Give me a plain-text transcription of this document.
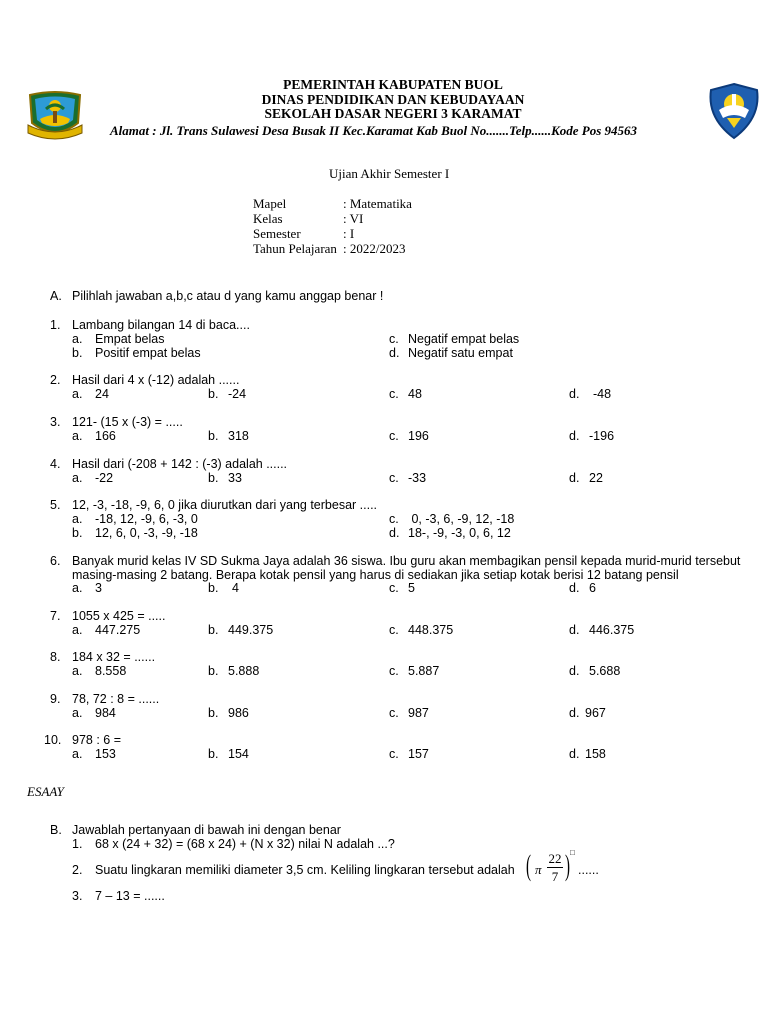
PEMERINTAH KABUPATEN BUOL
DINAS PENDIDIKAN DAN KEBUDAYAAN
SEKOLAH DASAR NEGERI 3 KARAMAT
Alamat : Jl. Trans Sulawesi Desa Busak II Kec.Karamat Kab Buol No.......Telp......Kode Pos 94563
Ujian Akhir Semester I
Mapel	: Matematika
Kelas	: VI
Semester	: I
Tahun Pelajaran : 2022/2023
A. Pilihlah jawaban a,b,c atau d yang kamu anggap benar !
1. Lambang bilangan 14 di baca....
a. Empat belas
b. Positif empat belas
c. Negatif empat belas
d. Negatif satu empat
2. Hasil dari 4 x (-12) adalah ......
a. 24	b. -24	c. 48	d. -48
3. 121- (15 x (-3) = .....
a. 166	b. 318	c. 196	d. -196
4. Hasil dari (-208 + 142 : (-3) adalah ......
a. -22	b. 33	c. -33	d. 22
5. 12, -3, -18, -9, 6, 0 jika diurutkan dari yang terbesar .....
a. -18, 12, -9, 6, -3, 0
b. 12, 6, 0, -3, -9, -18
c. 0, -3, 6, -9, 12, -18
d. 18-, -9, -3, 0, 6, 12
6. Banyak murid kelas IV SD Sukma Jaya adalah 36 siswa. Ibu guru akan membagikan pensil kepada murid-murid tersebut
masing-masing 2 batang. Berapa kotak pensil yang harus di sediakan jika setiap kotak berisi 12 batang pensil
a. 3	b. 4	c. 5	d. 6
7. 1055 x 425 = .....
a. 447.275	b. 449.375	c. 448.375	d. 446.375
8. 184 x 32 = ......
a. 8.558	b. 5.888	c. 5.887	d. 5.688
9. 78, 72 : 8 = ......
a. 984	b. 986	c. 987	d. 967
10. 978 : 6 =
a. 153	b. 154	c. 157	d. 158
ESAAY
B. Jawablah pertanyaan di bawah ini dengan benar
1. 68 x (24 + 32) = (68 x 24) + (N x 32) nilai N adalah ...?
2. Suatu lingkaran memiliki diameter 3,5 cm. Keliling lingkaran tersebut adalah ( π
22
7 ) □
......
3. 7 – 13 = ......
